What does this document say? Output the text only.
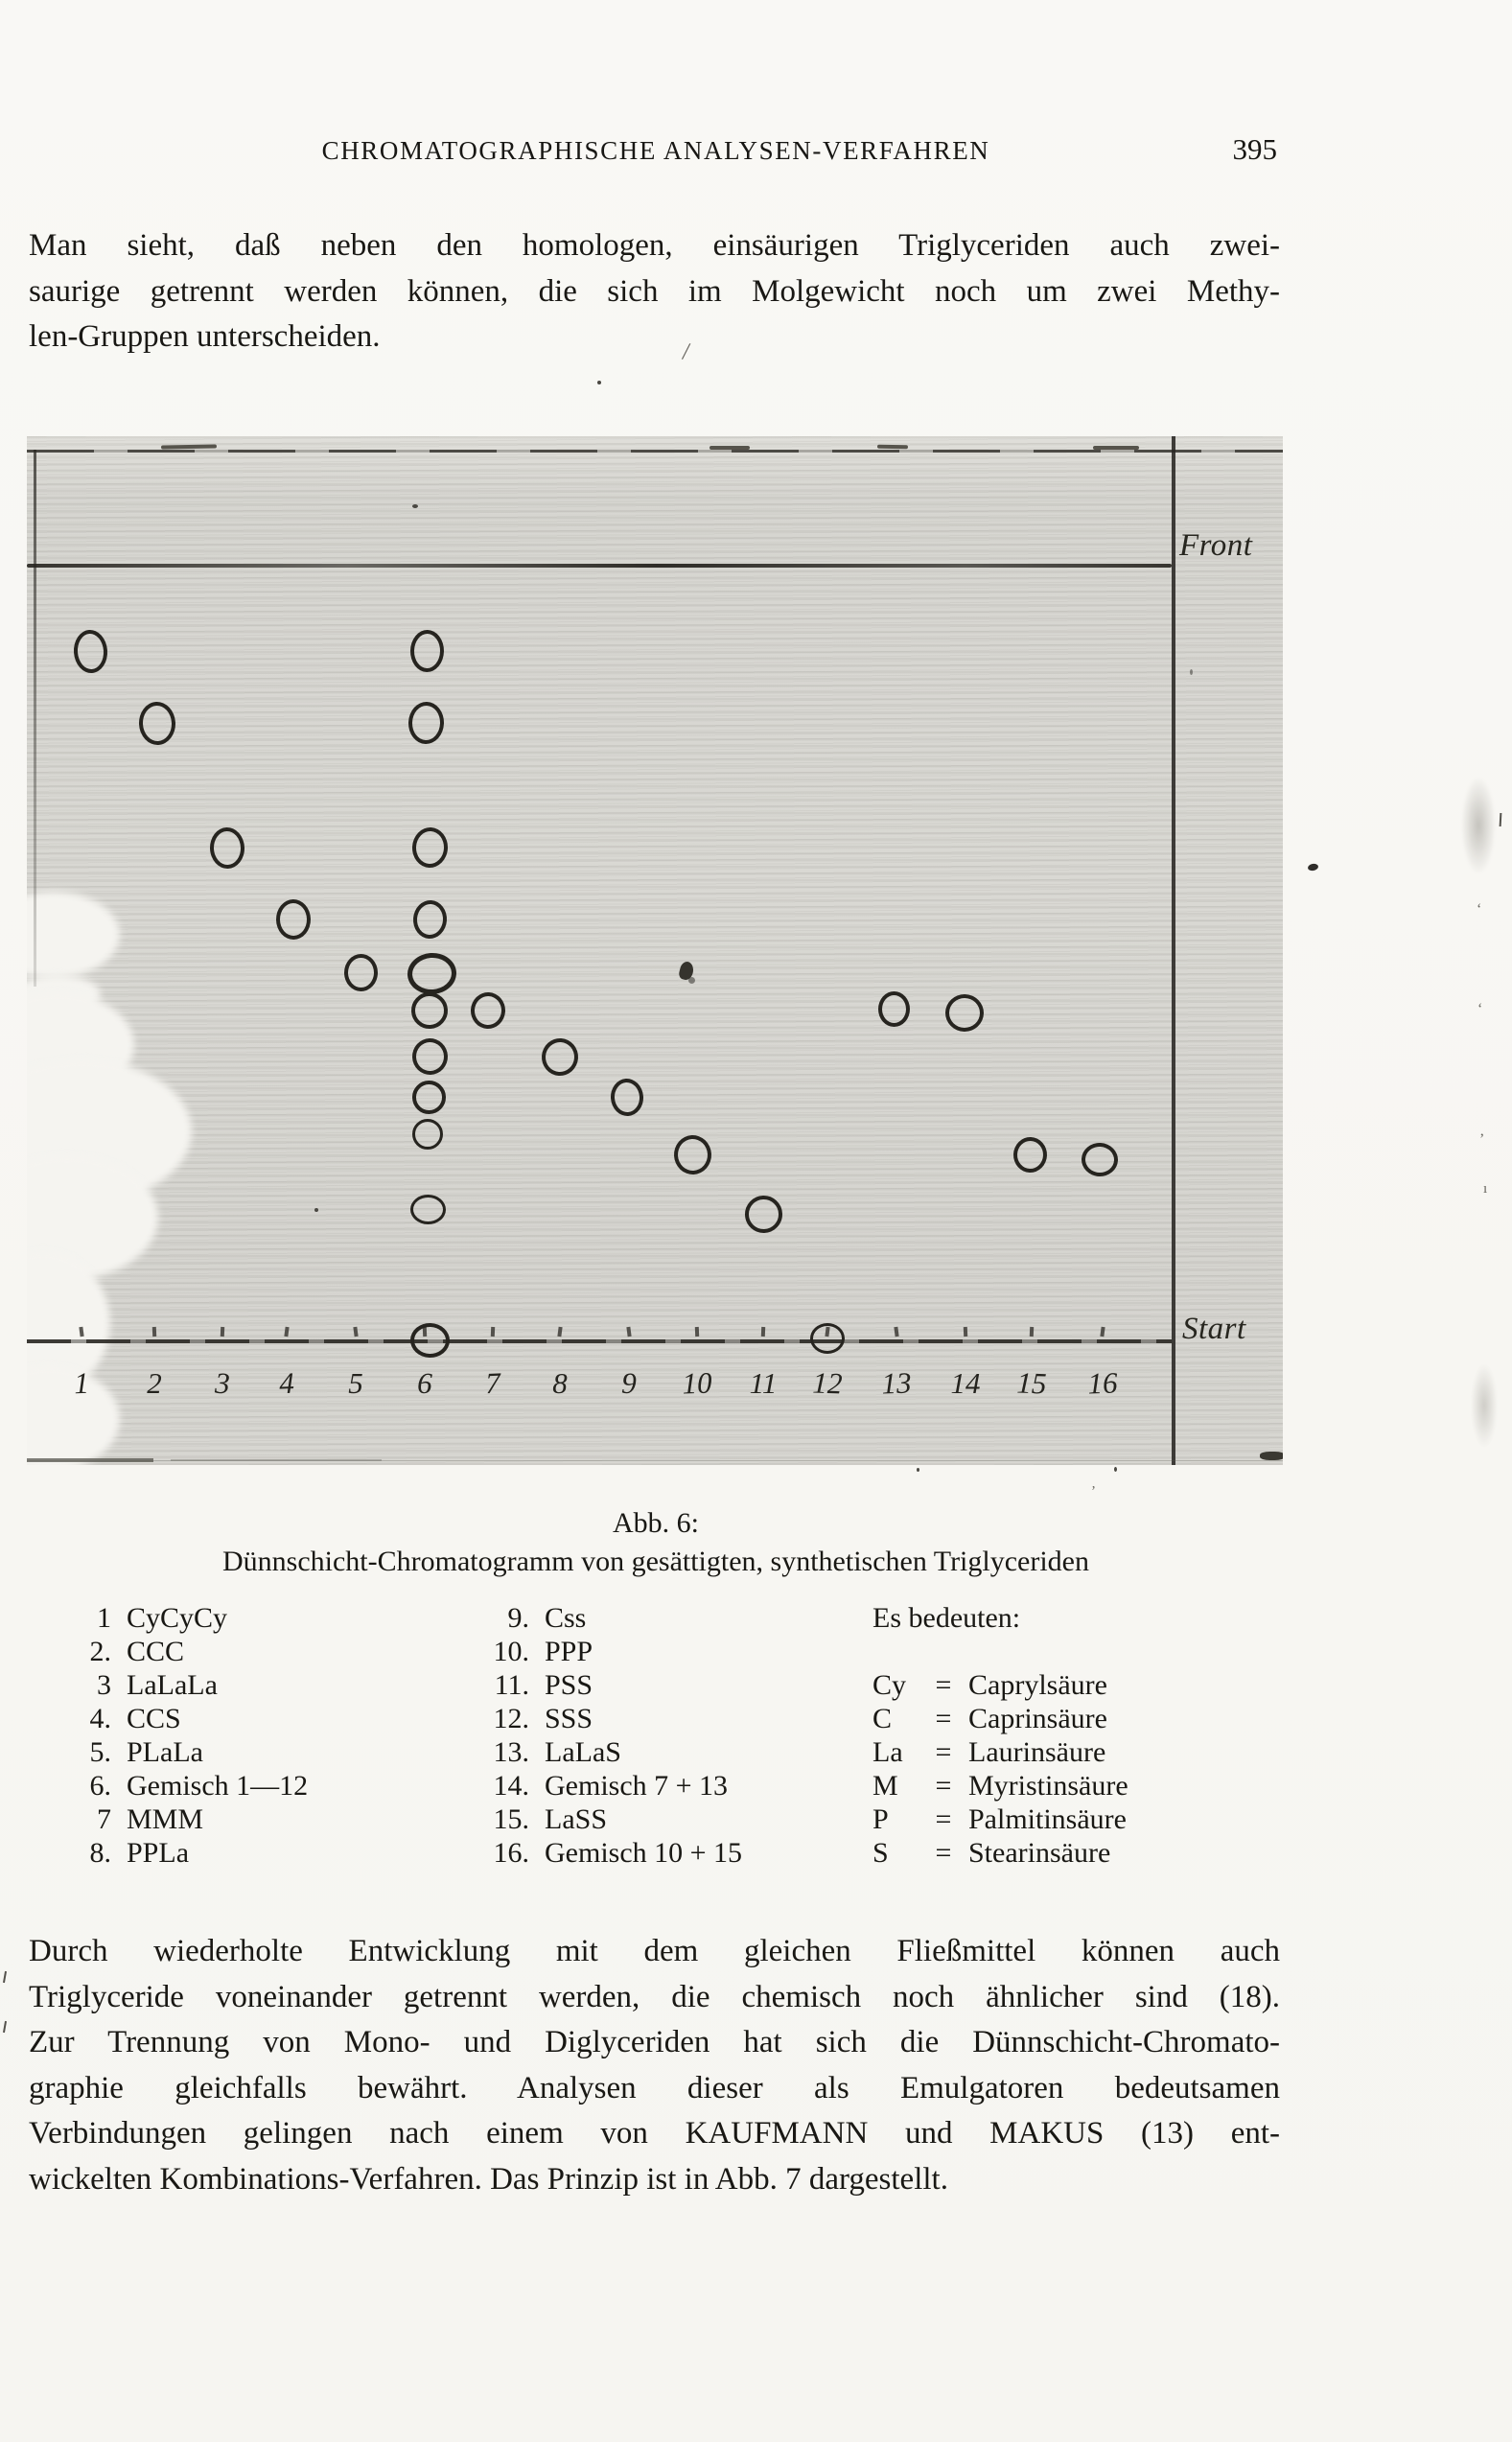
CHROMATOGRAPHISCHE ANALYSEN-VERFAHREN	395
Man sieht, daß neben den homologen, einsäurigen Triglyceriden auch zwei-
saurige getrennt werden können, die sich im Molgewicht noch um zwei Methy-
len-Gruppen unterscheiden.
Front
Start
1	2	3	4	5	6	7	8	9	10 11 12 13 14 15 16
Abb. 6:
Dünnschicht-Chromatogramm von gesättigten, synthetischen Triglyceriden
1 CyCyCy
2. CCC
3 LaLaLa
4. CCS
5. PLaLa
6. Gemisch 1—12
7 MMM
8. PPLa
9. Css
10. PPP
11. PSS
12. SSS
13. LaLaS
14. Gemisch 7 + 13
15. LaSS
16. Gemisch 10 + 15
Es bedeuten:
Cy	= Caprylsäure
C	= Caprinsäure
La	= Laurinsäure
M	= Myristinsäure
P	= Palmitinsäure
S	= Stearinsäure
Durch wiederholte Entwicklung mit dem gleichen Fließmittel können auch
Triglyceride voneinander getrennt werden, die chemisch noch ähnlicher sind (18).
Zur Trennung von Mono- und Diglyceriden hat sich die Dünnschicht-Chromato-
graphie gleichfalls bewährt. Analysen dieser als Emulgatoren bedeutsamen
Verbindungen gelingen nach einem von KAUFMANN und MAKUS (13) ent-
wickelten Kombinations-Verfahren. Das Prinzip ist in Abb. 7 dargestellt.
/
ʻ
ʻ
ʼ
ı
ʼ
